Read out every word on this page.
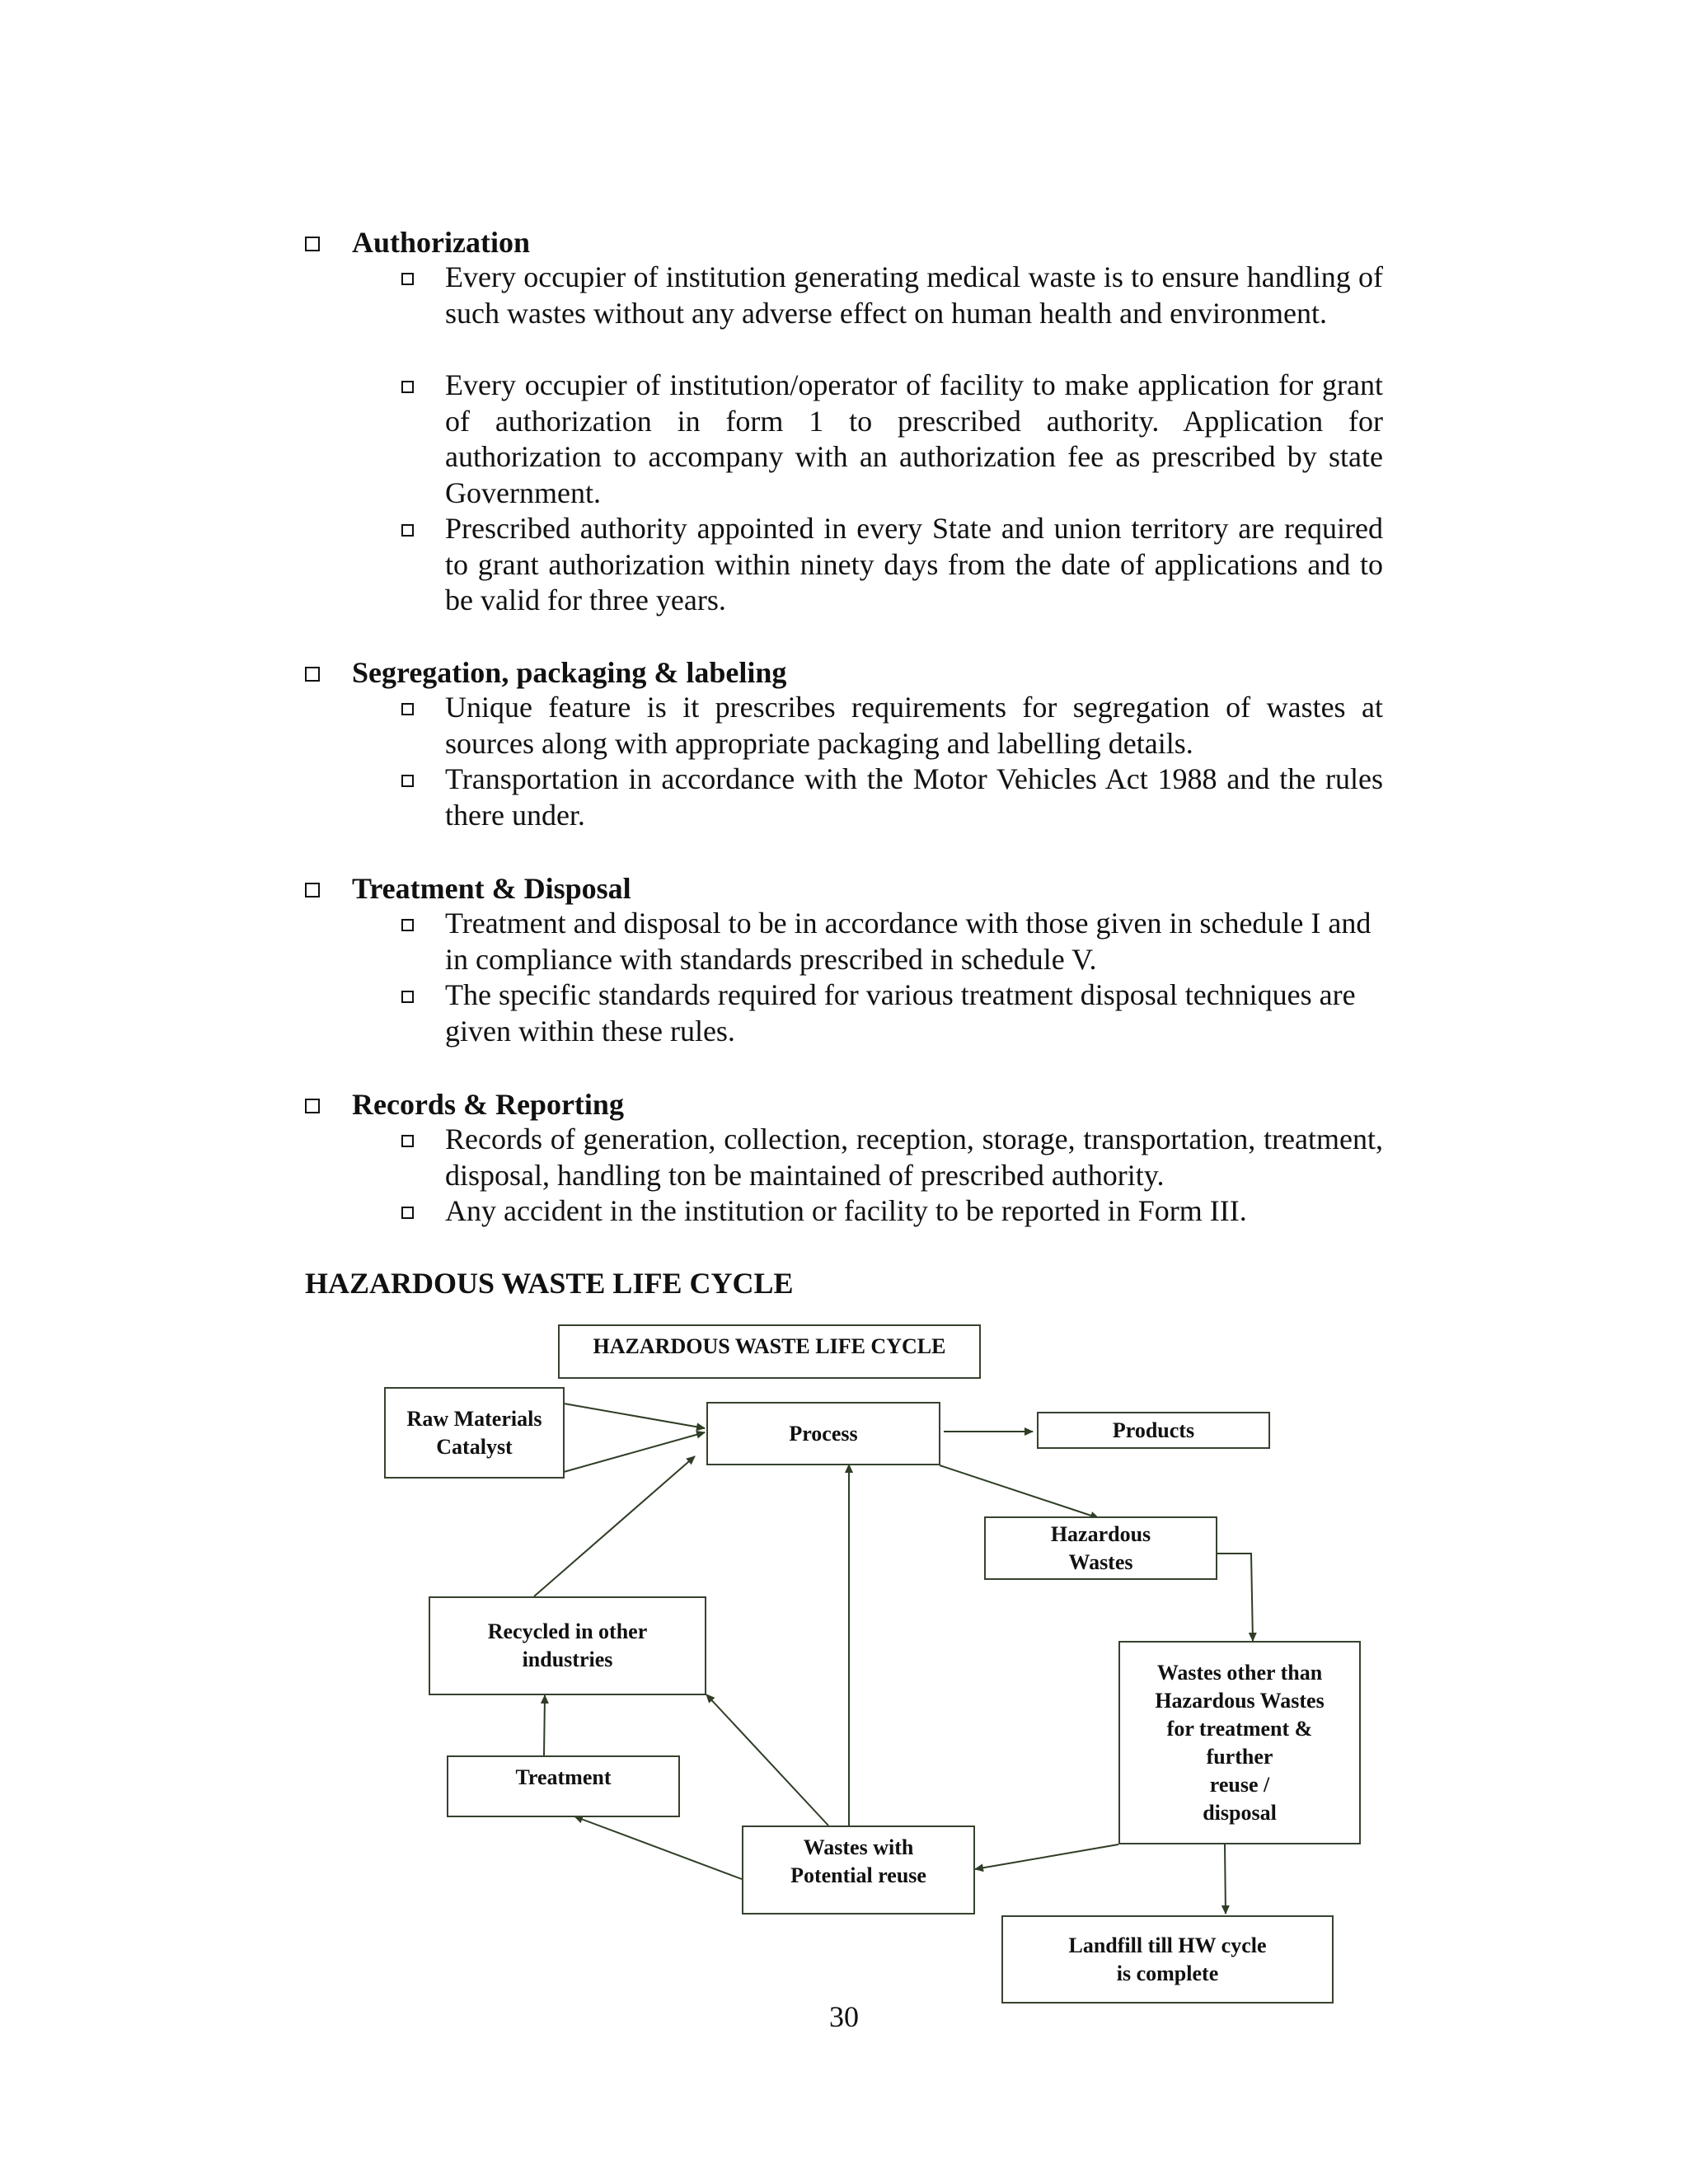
Authorization
Every occupier of institution generating medical waste is to ensure handling of such wastes without any adverse effect on human health and environment.
Every occupier of institution/operator of facility to make application for grant of authorization in form 1 to prescribed authority. Application for authorization to accompany with an authorization fee as prescribed by state Government.
Prescribed authority appointed in every State and union territory are required to grant authorization within ninety days from the date of applications and to be valid for three years.
Segregation, packaging & labeling
Unique feature is it prescribes requirements for segregation of wastes at sources along with appropriate packaging and labelling details.
Transportation in accordance with the Motor Vehicles Act 1988 and the rules there under.
Treatment & Disposal
Treatment and disposal to be in accordance with those given in schedule I and in compliance with standards prescribed in schedule V.
The specific standards required for various treatment disposal techniques are given within these rules.
Records & Reporting
Records of generation, collection, reception, storage, transportation, treatment, disposal, handling ton be maintained of prescribed authority.
Any accident in the institution or facility to be reported in Form III.
HAZARDOUS WASTE LIFE CYCLE
HAZARDOUS WASTE LIFE CYCLE
Raw Materials
Catalyst
Process	Products
Hazardous
Wastes
Recycled in other
industries
Wastes other than
Hazardous Wastes
for treatment &
further
reuse /
disposal
Treatment
Wastes with
Potential reuse
Landfill till HW cycle
is complete
30
